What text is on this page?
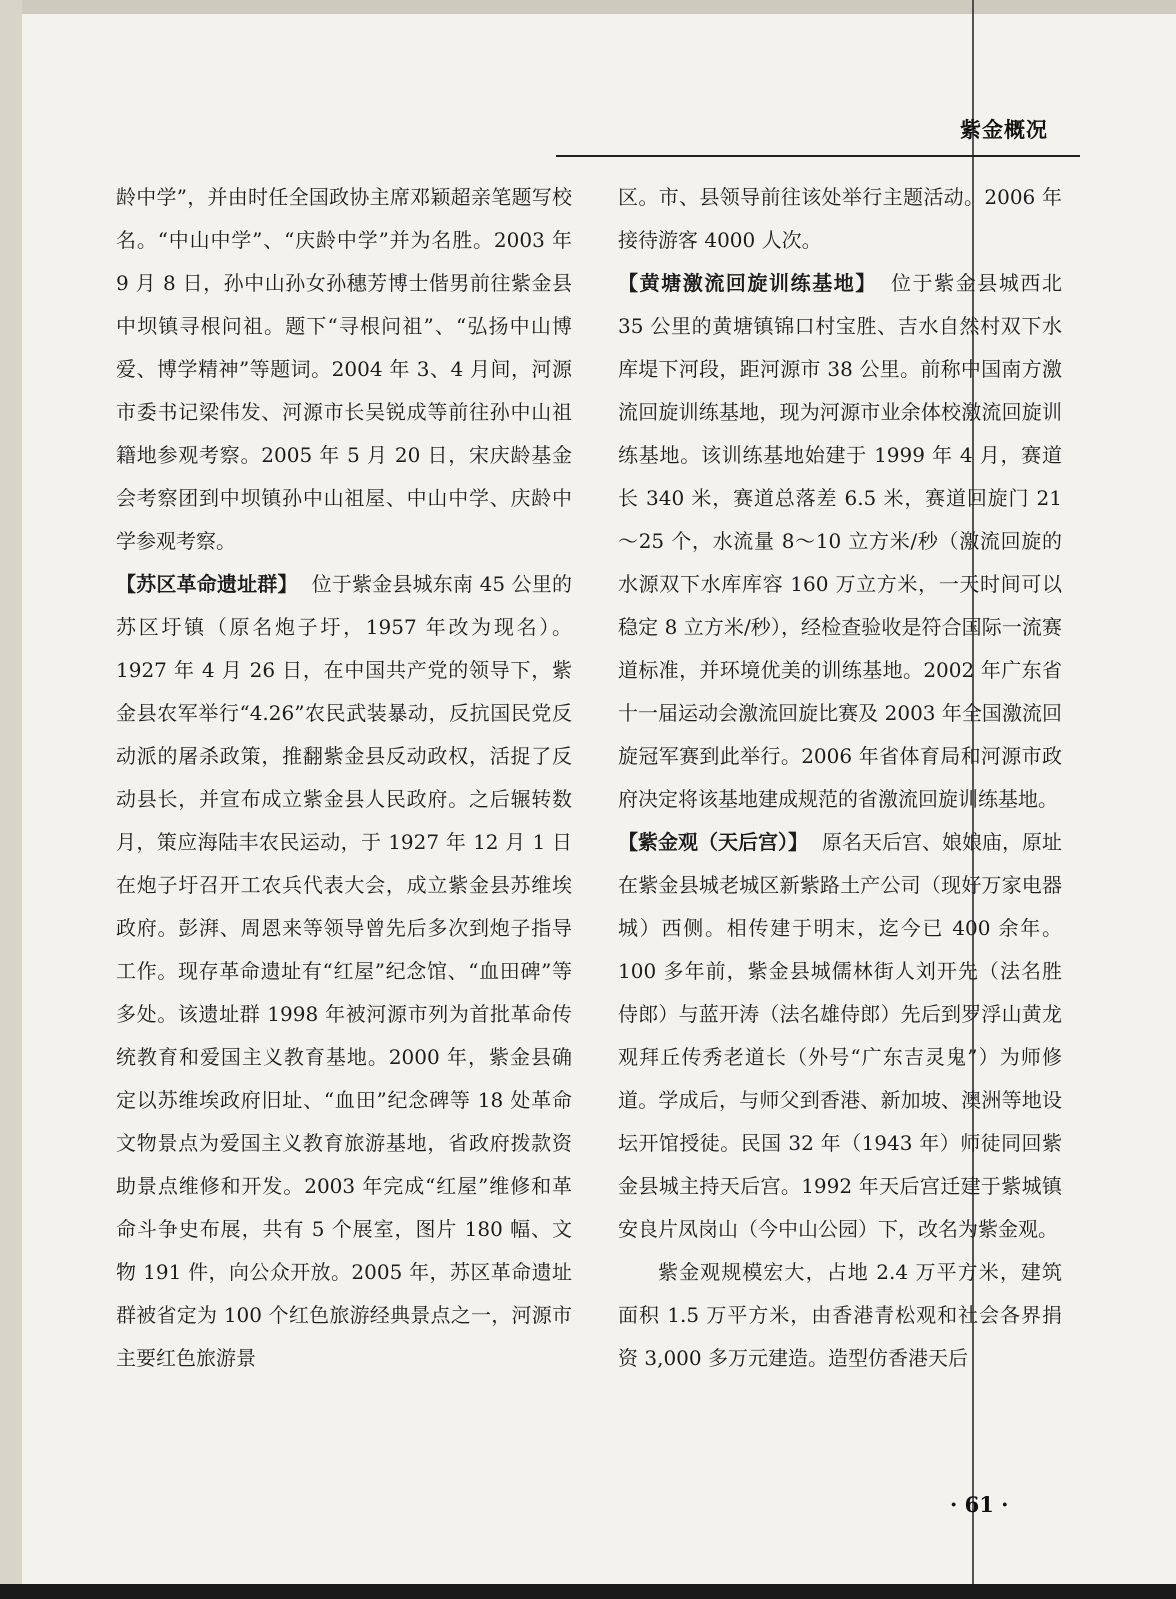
紫金概况

龄中学”，并由时任全国政协主席邓颖超亲笔题写校名。“中山中学”、“庆龄中学”并为名胜。2003 年 9 月 8 日，孙中山孙女孙穗芳博士偕男前往紫金县中坝镇寻根问祖。题下“寻根问祖”、“弘扬中山博爱、博学精神”等题词。2004 年 3、4 月间，河源市委书记梁伟发、河源市长吴锐成等前往孙中山祖籍地参观考察。2005 年 5 月 20 日，宋庆龄基金会考察团到中坝镇孙中山祖屋、中山中学、庆龄中学参观考察。

【苏区革命遗址群】 位于紫金县城东南 45 公里的苏区圩镇（原名炮子圩，1957 年改为现名）。1927 年 4 月 26 日，在中国共产党的领导下，紫金县农军举行“4.26”农民武装暴动，反抗国民党反动派的屠杀政策，推翻紫金县反动政权，活捉了反动县长，并宣布成立紫金县人民政府。之后辗转数月，策应海陆丰农民运动，于 1927 年 12 月 1 日在炮子圩召开工农兵代表大会，成立紫金县苏维埃政府。彭湃、周恩来等领导曾先后多次到炮子指导工作。现存革命遗址有“红屋”纪念馆、“血田碑”等多处。该遗址群 1998 年被河源市列为首批革命传统教育和爱国主义教育基地。2000 年，紫金县确定以苏维埃政府旧址、“血田”纪念碑等 18 处革命文物景点为爱国主义教育旅游基地，省政府拨款资助景点维修和开发。2003 年完成“红屋”维修和革命斗争史布展，共有 5 个展室，图片 180 幅、文物 191 件，向公众开放。2005 年，苏区革命遗址群被省定为 100 个红色旅游经典景点之一，河源市主要红色旅游景

区。市、县领导前往该处举行主题活动。2006 年接待游客 4000 人次。

【黄塘激流回旋训练基地】 位于紫金县城西北 35 公里的黄塘镇锦口村宝胜、吉水自然村双下水库堤下河段，距河源市 38 公里。前称中国南方激流回旋训练基地，现为河源市业余体校激流回旋训练基地。该训练基地始建于 1999 年 4 月，赛道长 340 米，赛道总落差 6.5 米，赛道回旋门 21～25 个，水流量 8～10 立方米/秒（激流回旋的水源双下水库库容 160 万立方米，一天时间可以稳定 8 立方米/秒），经检查验收是符合国际一流赛道标准，并环境优美的训练基地。2002 年广东省十一届运动会激流回旋比赛及 2003 年全国激流回旋冠军赛到此举行。2006 年省体育局和河源市政府决定将该基地建成规范的省激流回旋训练基地。

【紫金观（天后宫）】 原名天后宫、娘娘庙，原址在紫金县城老城区新紫路土产公司（现好万家电器城）西侧。相传建于明末，迄今已 400 余年。100 多年前，紫金县城儒林街人刘开先（法名胜侍郎）与蓝开涛（法名雄侍郎）先后到罗浮山黄龙观拜丘传秀老道长（外号“广东吉灵鬼”）为师修道。学成后，与师父到香港、新加坡、澳洲等地设坛开馆授徒。民国 32 年（1943 年）师徒同回紫金县城主持天后宫。1992 年天后宫迁建于紫城镇安良片凤岗山（今中山公园）下，改名为紫金观。

紫金观规模宏大，占地 2.4 万平方米，建筑面积 1.5 万平方米，由香港青松观和社会各界捐资 3,000 多万元建造。造型仿香港天后

· 61 ·
